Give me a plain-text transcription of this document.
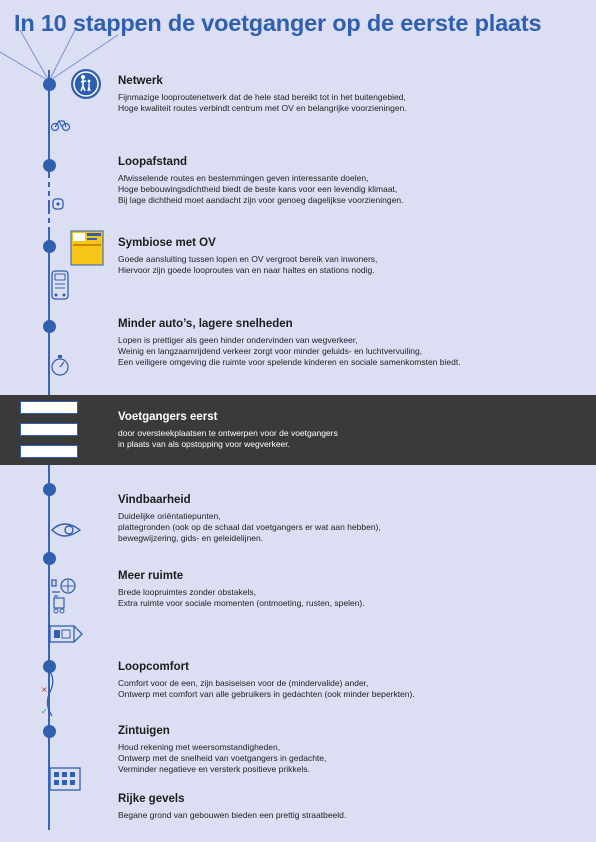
In 10 stappen de voetganger op de eerste plaats
×
✓
Netwerk
Fijnmazige looproutenetwerk dat de hele stad bereikt tot in het buitengebied,
Hoge kwaliteit routes verbindt centrum met OV en belangrijke voorzieningen.
Loopafstand
Afwisselende routes en bestemmingen geven interessante doelen,
Hoge bebouwingsdichtheid biedt de beste kans voor een levendig klimaat,
Bij lage dichtheid moet aandacht zijn voor genoeg dagelijkse voorzieningen.
Symbiose met OV
Goede aansluiting tussen lopen en OV vergroot bereik van inwoners,
Hiervoor zijn goede looproutes van en naar haltes en stations nodig.
Minder auto’s, lagere snelheden
Lopen is prettiger als geen hinder ondervinden van wegverkeer,
Weinig en langzaamrijdend verkeer zorgt voor minder geluids- en luchtvervuiling,
Een veiligere omgeving die ruimte voor spelende kinderen en sociale samenkomsten biedt.
Voetgangers eerst
door oversteekplaatsen te ontwerpen voor de voetgangers
in plaats van als opstopping voor wegverkeer.
Vindbaarheid
Duidelijke oriëntatiepunten,
plattegronden (ook op de schaal dat voetgangers er wat aan hebben),
bewegwijzering, gids- en geleidelijnen.
Meer ruimte
Brede loopruimtes zonder obstakels,
Extra ruimte voor sociale momenten (ontmoeting, rusten, spelen).
Loopcomfort
Comfort voor de een, zijn basiseisen voor de (mindervalide) ander,
Ontwerp met comfort van alle gebruikers in gedachten (ook minder beperkten).
Zintuigen
Houd rekening met weersomstandigheden,
Ontwerp met de snelheid van voetgangers in gedachte,
Verminder negatieve en versterk positieve prikkels.
Rijke gevels
Begane grond van gebouwen bieden een prettig straatbeeld.
